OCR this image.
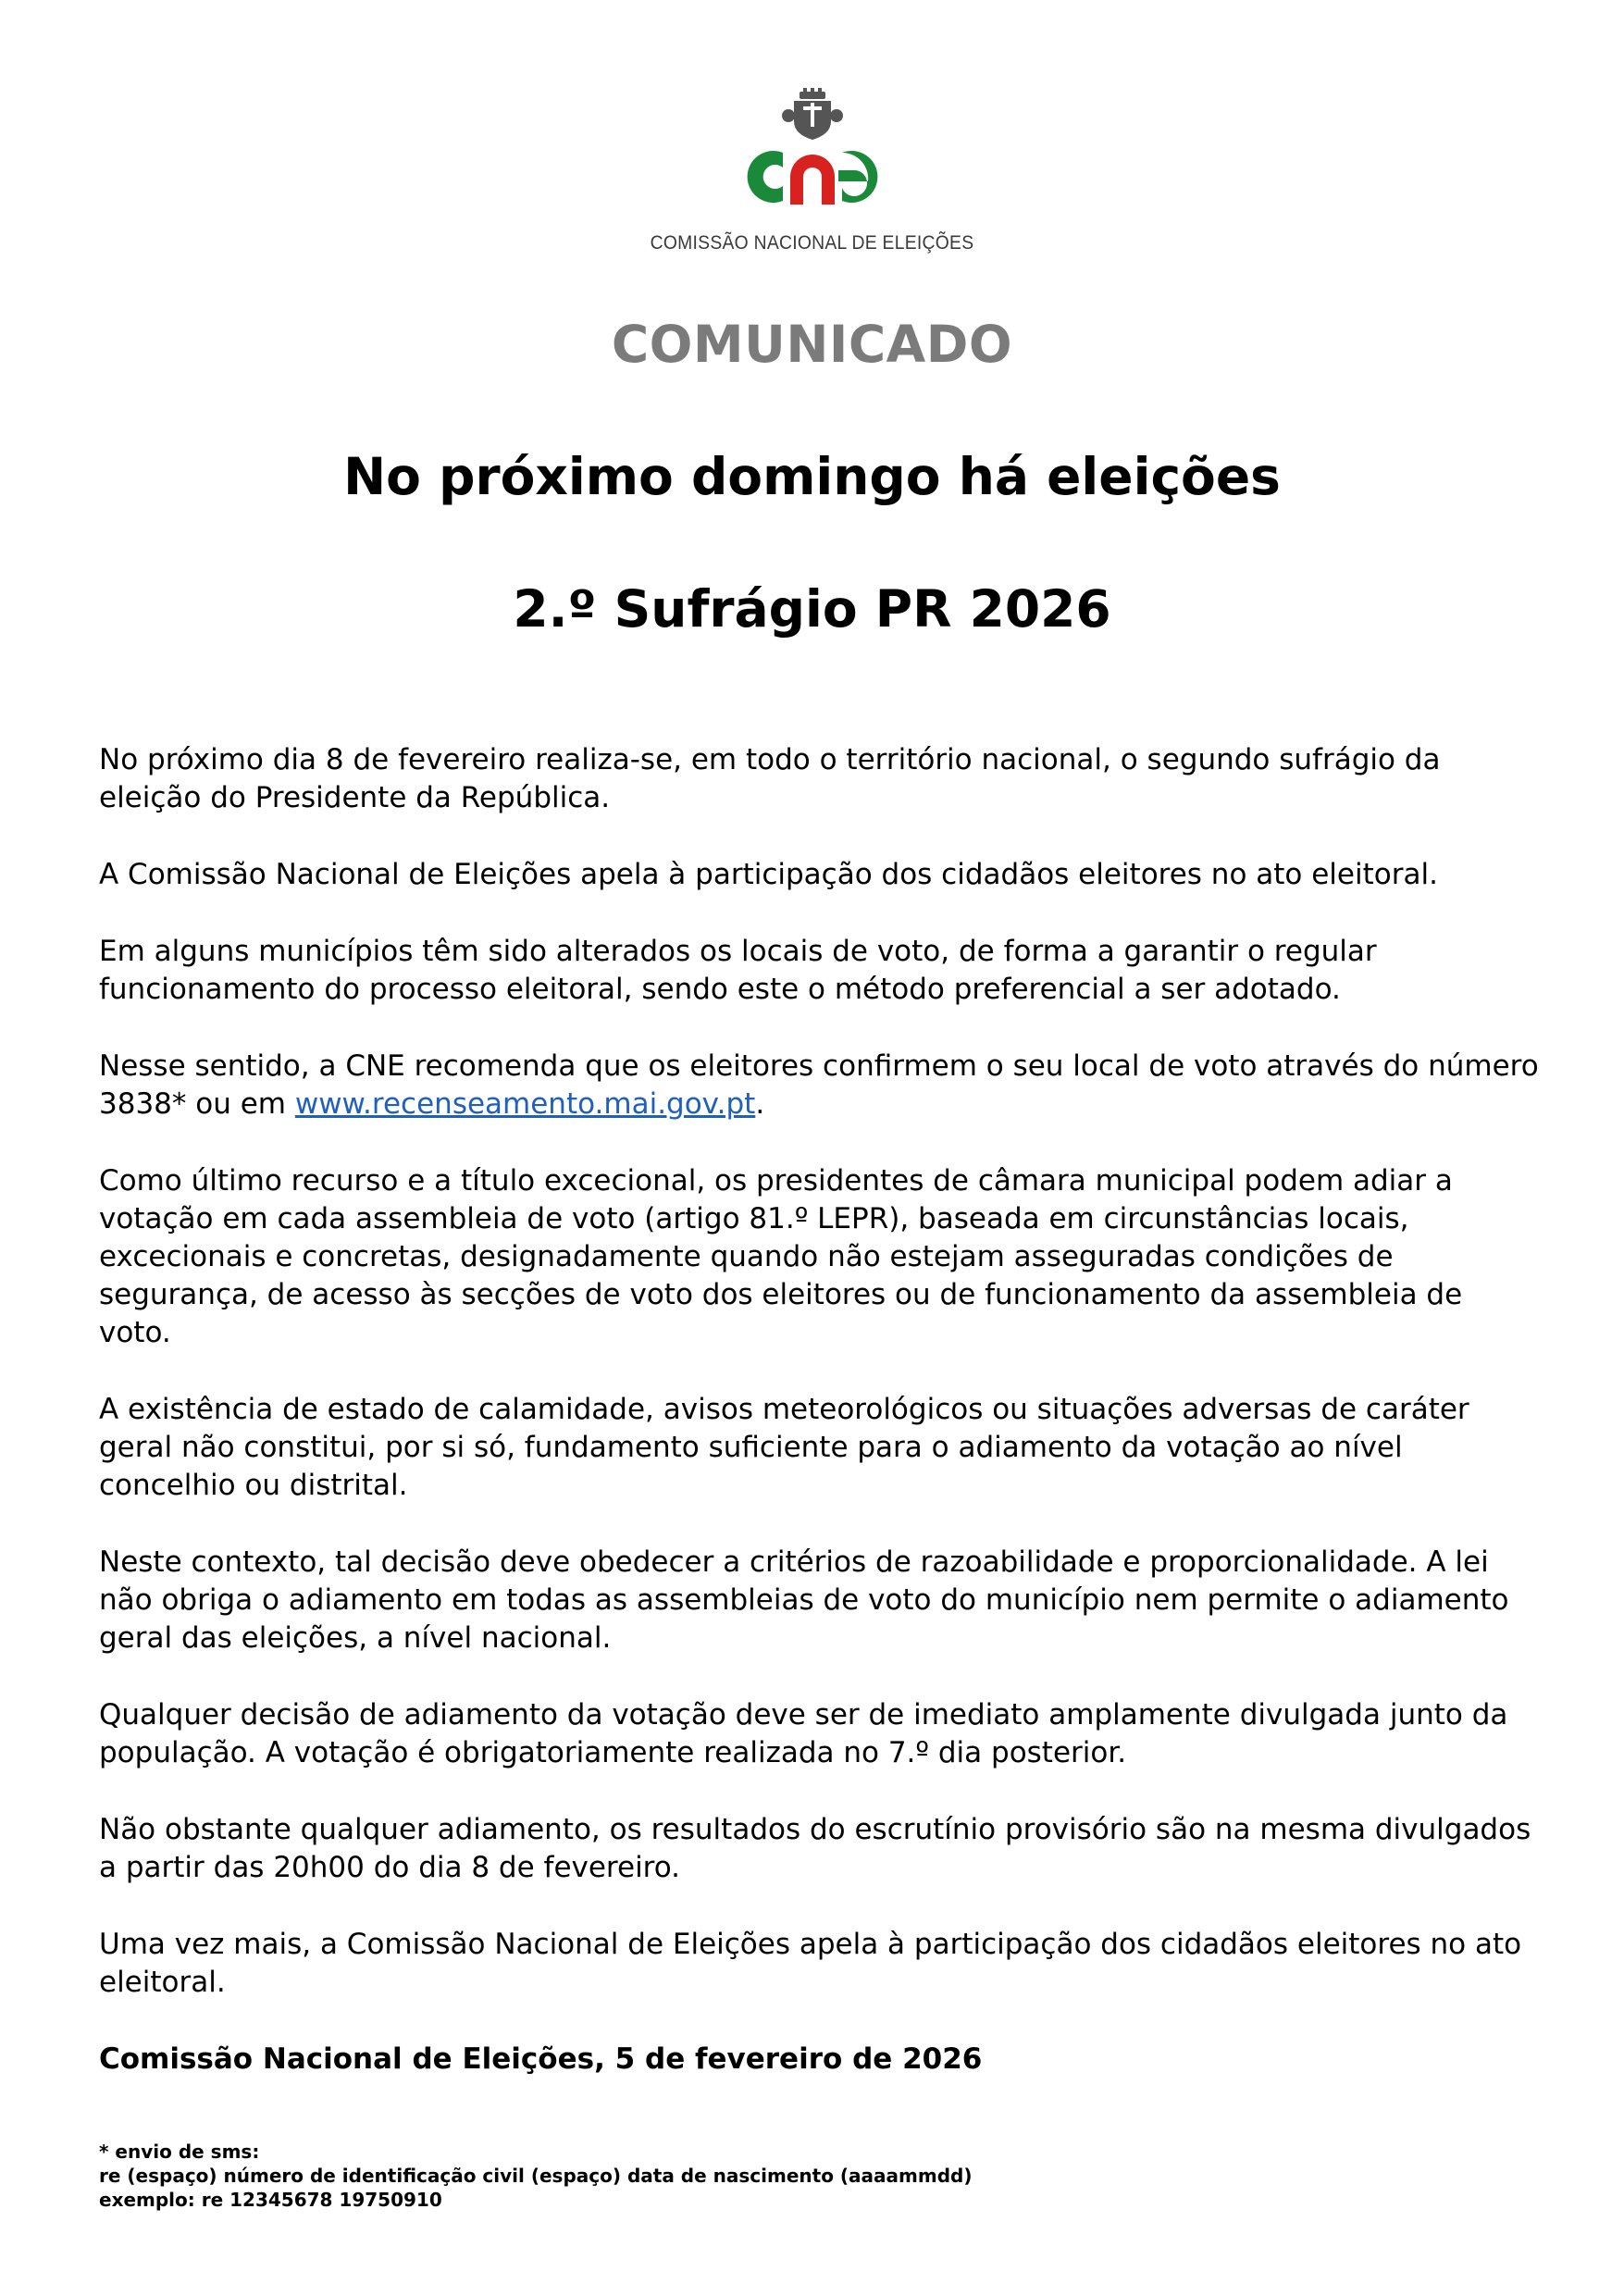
COMISSÃO NACIONAL DE ELEIÇÕES
COMUNICADO
No próximo domingo há eleições
2.º Sufrágio PR 2026

No próximo dia 8 de fevereiro realiza-se, em todo o território nacional, o segundo sufrágio da eleição do Presidente da República.

A Comissão Nacional de Eleições apela à participação dos cidadãos eleitores no ato eleitoral.

Em alguns municípios têm sido alterados os locais de voto, de forma a garantir o regular funcionamento do processo eleitoral, sendo este o método preferencial a ser adotado.

Nesse sentido, a CNE recomenda que os eleitores confirmem o seu local de voto através do número 3838* ou em www.recenseamento.mai.gov.pt.

Como último recurso e a título excecional, os presidentes de câmara municipal podem adiar a votação em cada assembleia de voto (artigo 81.º LEPR), baseada em circunstâncias locais, excecionais e concretas, designadamente quando não estejam asseguradas condições de segurança, de acesso às secções de voto dos eleitores ou de funcionamento da assembleia de voto.

A existência de estado de calamidade, avisos meteorológicos ou situações adversas de caráter geral não constitui, por si só, fundamento suficiente para o adiamento da votação ao nível concelhio ou distrital.

Neste contexto, tal decisão deve obedecer a critérios de razoabilidade e proporcionalidade. A lei não obriga o adiamento em todas as assembleias de voto do município nem permite o adiamento geral das eleições, a nível nacional.

Qualquer decisão de adiamento da votação deve ser de imediato amplamente divulgada junto da população. A votação é obrigatoriamente realizada no 7.º dia posterior.

Não obstante qualquer adiamento, os resultados do escrutínio provisório são na mesma divulgados a partir das 20h00 do dia 8 de fevereiro.

Uma vez mais, a Comissão Nacional de Eleições apela à participação dos cidadãos eleitores no ato eleitoral.

Comissão Nacional de Eleições, 5 de fevereiro de 2026

* envio de sms:
re (espaço) número de identificação civil (espaço) data de nascimento (aaaammdd)
exemplo: re 12345678 19750910
